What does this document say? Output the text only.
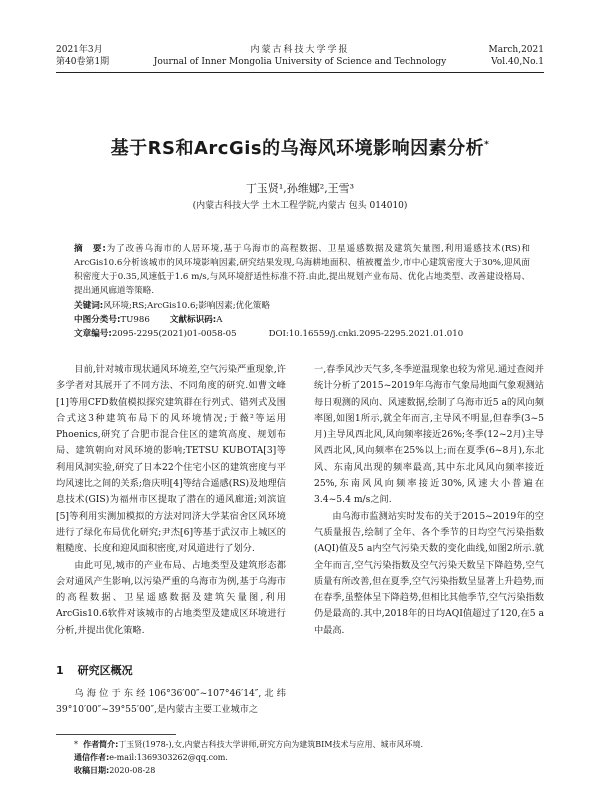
2021年3月
第40卷第1期
内蒙古科技大学学报
Journal of Inner Mongolia University of Science and Technology
March,2021
Vol.40,No.1
基于RS和ArcGis的乌海风环境影响因素分析*
丁玉贤¹,孙维娜²,王雪³
(内蒙古科技大学 土木工程学院,内蒙古 包头 014010)
摘　要:为了改善乌海市的人居环境,基于乌海市的高程数据、卫星遥感数据及建筑矢量图,利用遥感技术(RS)和ArcGis10.6分析该城市的风环境影响因素,研究结果发现,乌海耕地面积、植被覆盖少,市中心建筑密度大于30%,迎风面积密度大于0.35,风速低于1.6 m/s,与风环境舒适性标准不符.由此,提出规划产业布局、优化占地类型、改善建设格局、提出通风廊道等策略.
关键词:风环境;RS;ArcGis10.6;影响因素;优化策略
中图分类号:TU986 文献标识码:A
文章编号:2095-2295(2021)01-0058-05	DOI:10.16559/j.cnki.2095-2295.2021.01.010

目前,针对城市现状通风环境差,空气污染严重现象,许多学者对其展开了不同方法、不同角度的研究.如曹文峰[1]等用CFD数值模拟探究建筑群在行列式、错列式及围合式这3种建筑布局下的风环境情况;于薇²等运用Phoenics,研究了合肥市混合住区的建筑高度、规划布局、建筑朝向对风环境的影响;TETSU KUBOTA[3]等利用风洞实验,研究了日本22个住宅小区的建筑密度与平均风速比之间的关系;詹庆明[4]等结合遥感(RS)及地理信息技术(GIS)为福州市区提取了潜在的通风廊道;刘滨谊[5]等利用实测加模拟的方法对同济大学某宿舍区风环境进行了绿化布局优化研究;尹杰[6]等基于武汉市上城区的粗糙度、长度和迎风面积密度,对风道进行了划分.

由此可见,城市的产业布局、占地类型及建筑形态都会对通风产生影响,以污染严重的乌海市为例,基于乌海市的高程数据、卫星遥感数据及建筑矢量图,利用ArcGis10.6软件对该城市的占地类型及建成区环境进行分析,并提出优化策略.

1 研究区概况
乌海位于东经106°36′00″~107°46′14″,北纬39°10′00″~39°55′00″,是内蒙古主要工业城市之

一,春季风沙天气多,冬季逆温现象也较为常见.通过查阅并统计分析了2015~2019年乌海市气象局地面气象观测站每日观测的风向、风速数据,绘制了乌海市近5 a的风向频率图,如图1所示,就全年而言,主导风不明显,但春季(3~5月)主导风西北风,风向频率接近26%;冬季(12~2月)主导风西北风,风向频率在25%以上;而在夏季(6~8月),东北风、东南风出现的频率最高,其中东北风风向频率接近25%,东南风风向频率接近30%,风速大小普遍在3.4~5.4 m/s之间.

由乌海市监测站实时发布的关于2015~2019年的空气质量报告,绘制了全年、各个季节的日均空气污染指数(AQI)值及5 a内空气污染天数的变化曲线,如图2所示.就全年而言,空气污染指数及空气污染天数呈下降趋势,空气质量有所改善,但在夏季,空气污染指数呈显著上升趋势,而在春季,虽整体呈下降趋势,但相比其他季节,空气污染指数仍是最高的.其中,2018年的日均AQI值超过了120,在5 a中最高.

* 作者简介:丁玉贤(1978-),女,内蒙古科技大学讲师,研究方向为建筑BIM技术与应用、城市风环境.
通信作者:e-mail:1369303262@qq.com.
收稿日期:2020-08-28
